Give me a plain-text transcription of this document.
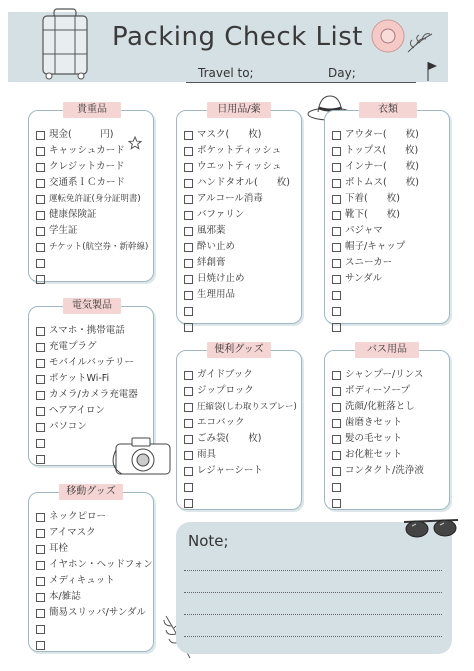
Packing Check List
Travel to;	Day;
貴重品
現金(　　　円)
キャッシュカード
クレジットカード
交通系ＩＣカード
運転免許証(身分証明書)
健康保険証
学生証
チケット(航空券・新幹線)
日用品/薬
マスク(　　枚)
ポケットティッシュ
ウエットティッシュ
ハンドタオル(　　枚)
アルコール消毒
バファリン
風邪薬
酔い止め
絆創膏
日焼け止め
生理用品
衣類
アウター(　　枚)
トップス(　　枚)
インナー(　　枚)
ボトムス(　　枚)
下着(　　枚)
靴下(　　枚)
パジャマ
帽子/キャップ
スニーカー
サンダル
電気製品
スマホ・携帯電話
充電プラグ
モバイルバッテリー
ポケットWi-Fi
カメラ/カメラ充電器
ヘアアイロン
パソコン
便利グッズ
ガイドブック
ジップロック
圧縮袋(しわ取りスプレー)
エコバック
ごみ袋(　　枚)
雨具
レジャーシート
バス用品
シャンプー/リンス
ボディーソープ
洗顔/化粧落とし
歯磨きセット
髪の毛セット
お化粧セット
コンタクト/洗浄液
移動グッズ
ネックピロー
アイマスク
耳栓
イヤホン・ヘッドフォン
メディキュット
本/雑誌
簡易スリッパ/サンダル
Note;
